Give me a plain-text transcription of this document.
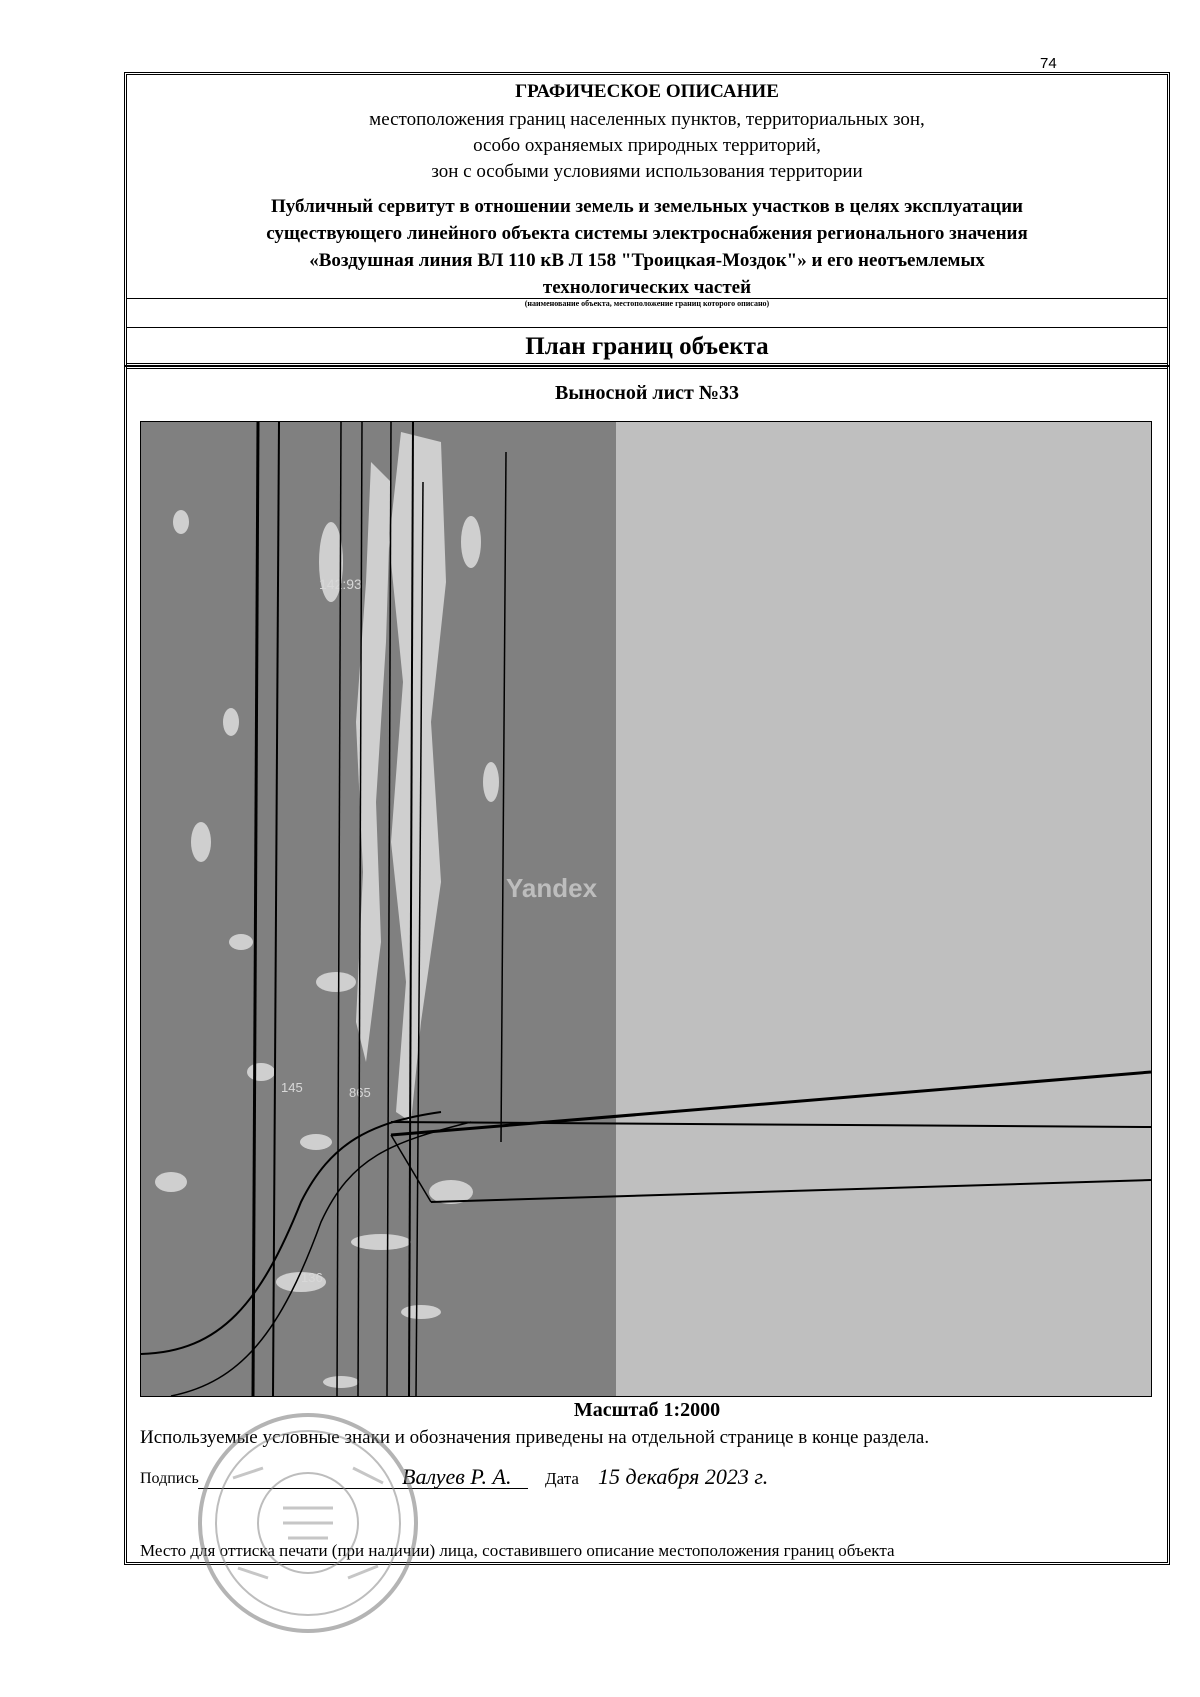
74
ГРАФИЧЕСКОЕ ОПИСАНИЕ
местоположения границ населенных пунктов, территориальных зон,
особо охраняемых природных территорий,
зон с особыми условиями использования территории
Публичный сервитут в отношении земель и земельных участков в целях эксплуатации
существующего линейного объекта системы электроснабжения регионального значения
«Воздушная линия ВЛ 110 кВ Л 158 "Троицкая-Моздок"» и его неотъемлемых
технологических частей
(наименование объекта, местоположение границ которого описано)
План границ объекта
Выносной лист №33
Yandex
142:93
145	865
136
Масштаб 1:2000
Используемые условные знаки и обозначения приведены на отдельной странице в конце раздела.
Подпись	Валуев Р. А. Дата 15 декабря 2023 г.
Место для оттиска печати (при наличии) лица, составившего описание местоположения границ объекта
